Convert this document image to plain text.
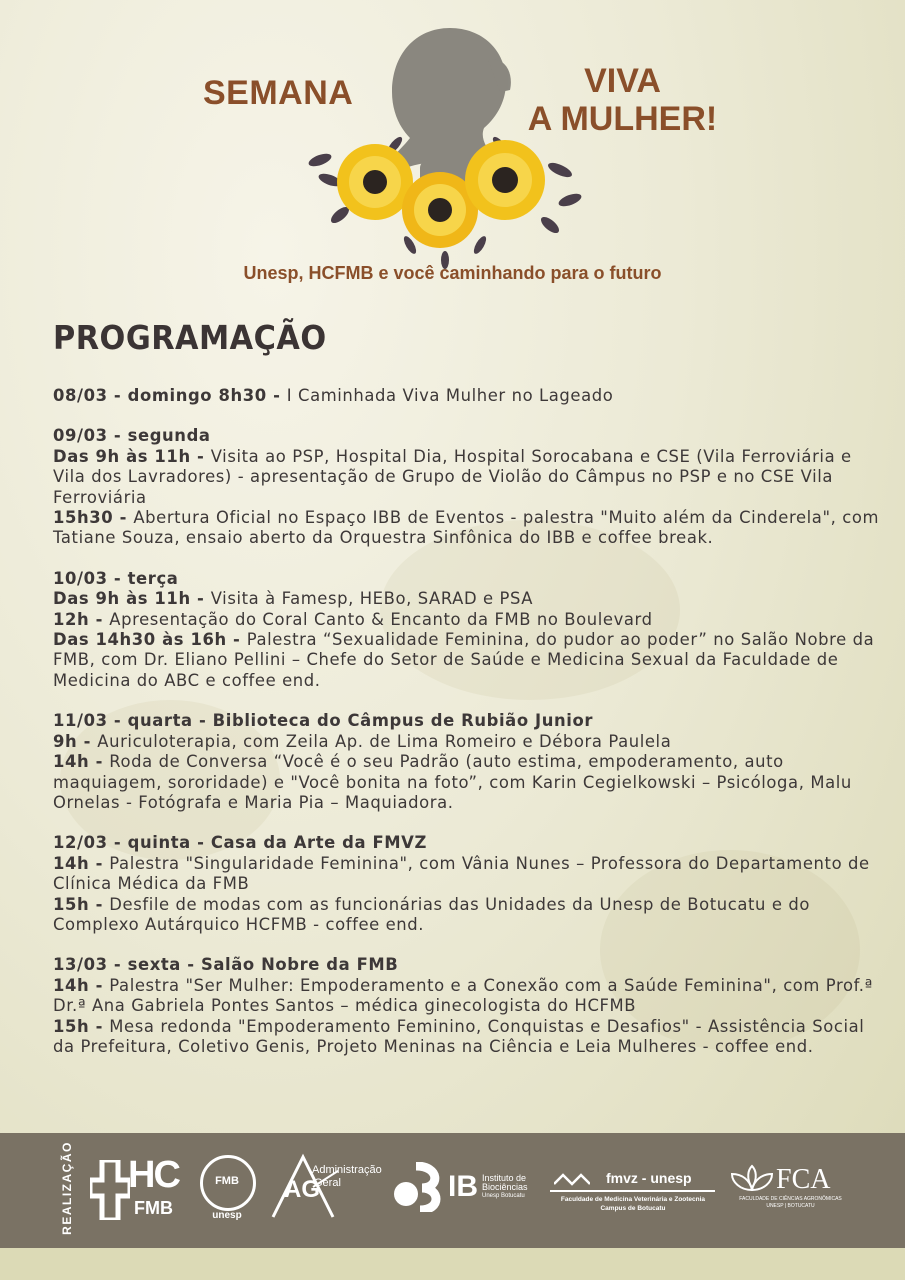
SEMANA	VIVA
A MULHER!
Unesp, HCFMB e você caminhando para o futuro
PROGRAMAÇÃO
08/03 - domingo 8h30 - I Caminhada Viva Mulher no Lageado
09/03 - segunda
Das 9h às 11h - Visita ao PSP, Hospital Dia, Hospital Sorocabana e CSE (Vila Ferroviária e Vila dos Lavradores) - apresentação de Grupo de Violão do Câmpus no PSP e no CSE Vila Ferroviária
15h30 - Abertura Oficial no Espaço IBB de Eventos - palestra "Muito além da Cinderela", com Tatiane Souza, ensaio aberto da Orquestra Sinfônica do IBB e coffee break.
10/03 - terça
Das 9h às 11h - Visita à Famesp, HEBo, SARAD e PSA
12h - Apresentação do Coral Canto & Encanto da FMB no Boulevard
Das 14h30 às 16h - Palestra “Sexualidade Feminina, do pudor ao poder” no Salão Nobre da FMB, com Dr. Eliano Pellini – Chefe do Setor de Saúde e Medicina Sexual da Faculdade de Medicina do ABC e coffee end.
11/03 - quarta - Biblioteca do Câmpus de Rubião Junior
9h - Auriculoterapia, com Zeila Ap. de Lima Romeiro e Débora Paulela
14h - Roda de Conversa “Você é o seu Padrão (auto estima, empoderamento, auto maquiagem, sororidade) e "Você bonita na foto”, com Karin Cegielkowski – Psicóloga, Malu Ornelas - Fotógrafa e Maria Pia – Maquiadora.
12/03 - quinta - Casa da Arte da FMVZ
14h - Palestra "Singularidade Feminina", com Vânia Nunes – Professora do Departamento de Clínica Médica da FMB
15h - Desfile de modas com as funcionárias das Unidades da Unesp de Botucatu e do Complexo Autárquico HCFMB - coffee end.
13/03 - sexta - Salão Nobre da FMB
14h - Palestra "Ser Mulher: Empoderamento e a Conexão com a Saúde Feminina", com Prof.ª Dr.ª Ana Gabriela Pontes Santos – médica ginecologista do HCFMB
15h - Mesa redonda "Empoderamento Feminino, Conquistas e Desafios" - Assistência Social da Prefeitura, Coletivo Genis, Projeto Meninas na Ciência e Leia Mulheres - coffee end.
REALIZAÇÃO HC
FMB
FMB
unesp
AG
Administração
Geral	IB Instituto de
Biociências
Unesp Botucatu
fmvz - unesp
Faculdade de Medicina Veterinária e Zootecnia
Campus de Botucatu
FCA
FACULDADE DE CIÊNCIAS AGRONÔMICAS
UNESP | BOTUCATU
